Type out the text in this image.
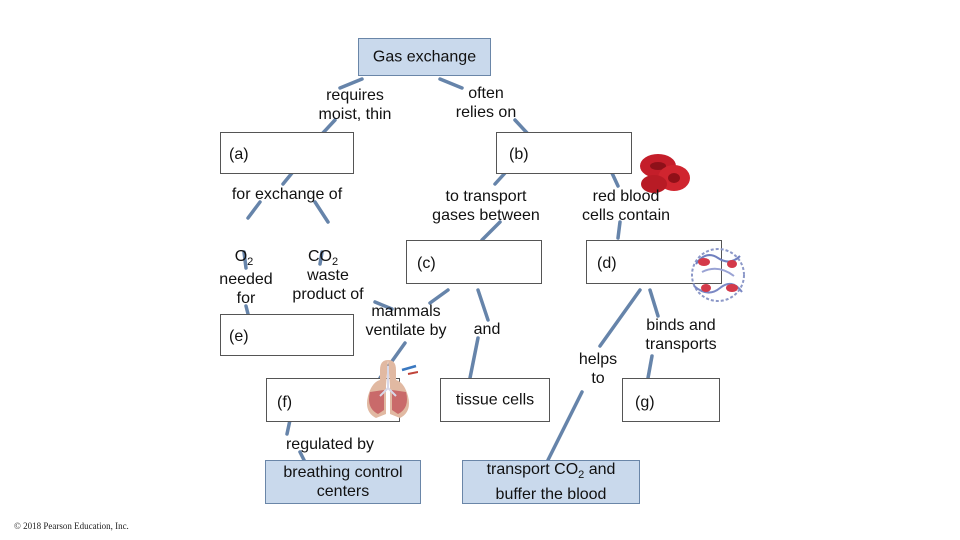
Gas exchange
requires
moist, thin
often
relies on
(a)	(b)
for exchange of	to transport
gases between
red blood
cells contain

$O_2$	$CO_2$	(c)	(d)
needed
for
waste
product of
mammals
ventilate by	and	binds and
transports
helps
to
(e)
(f)	tissue cells	(g)
regulated by
breathing control
centers
transport $CO_2$ and
buffer the blood
© 2018 Pearson Education, Inc.
